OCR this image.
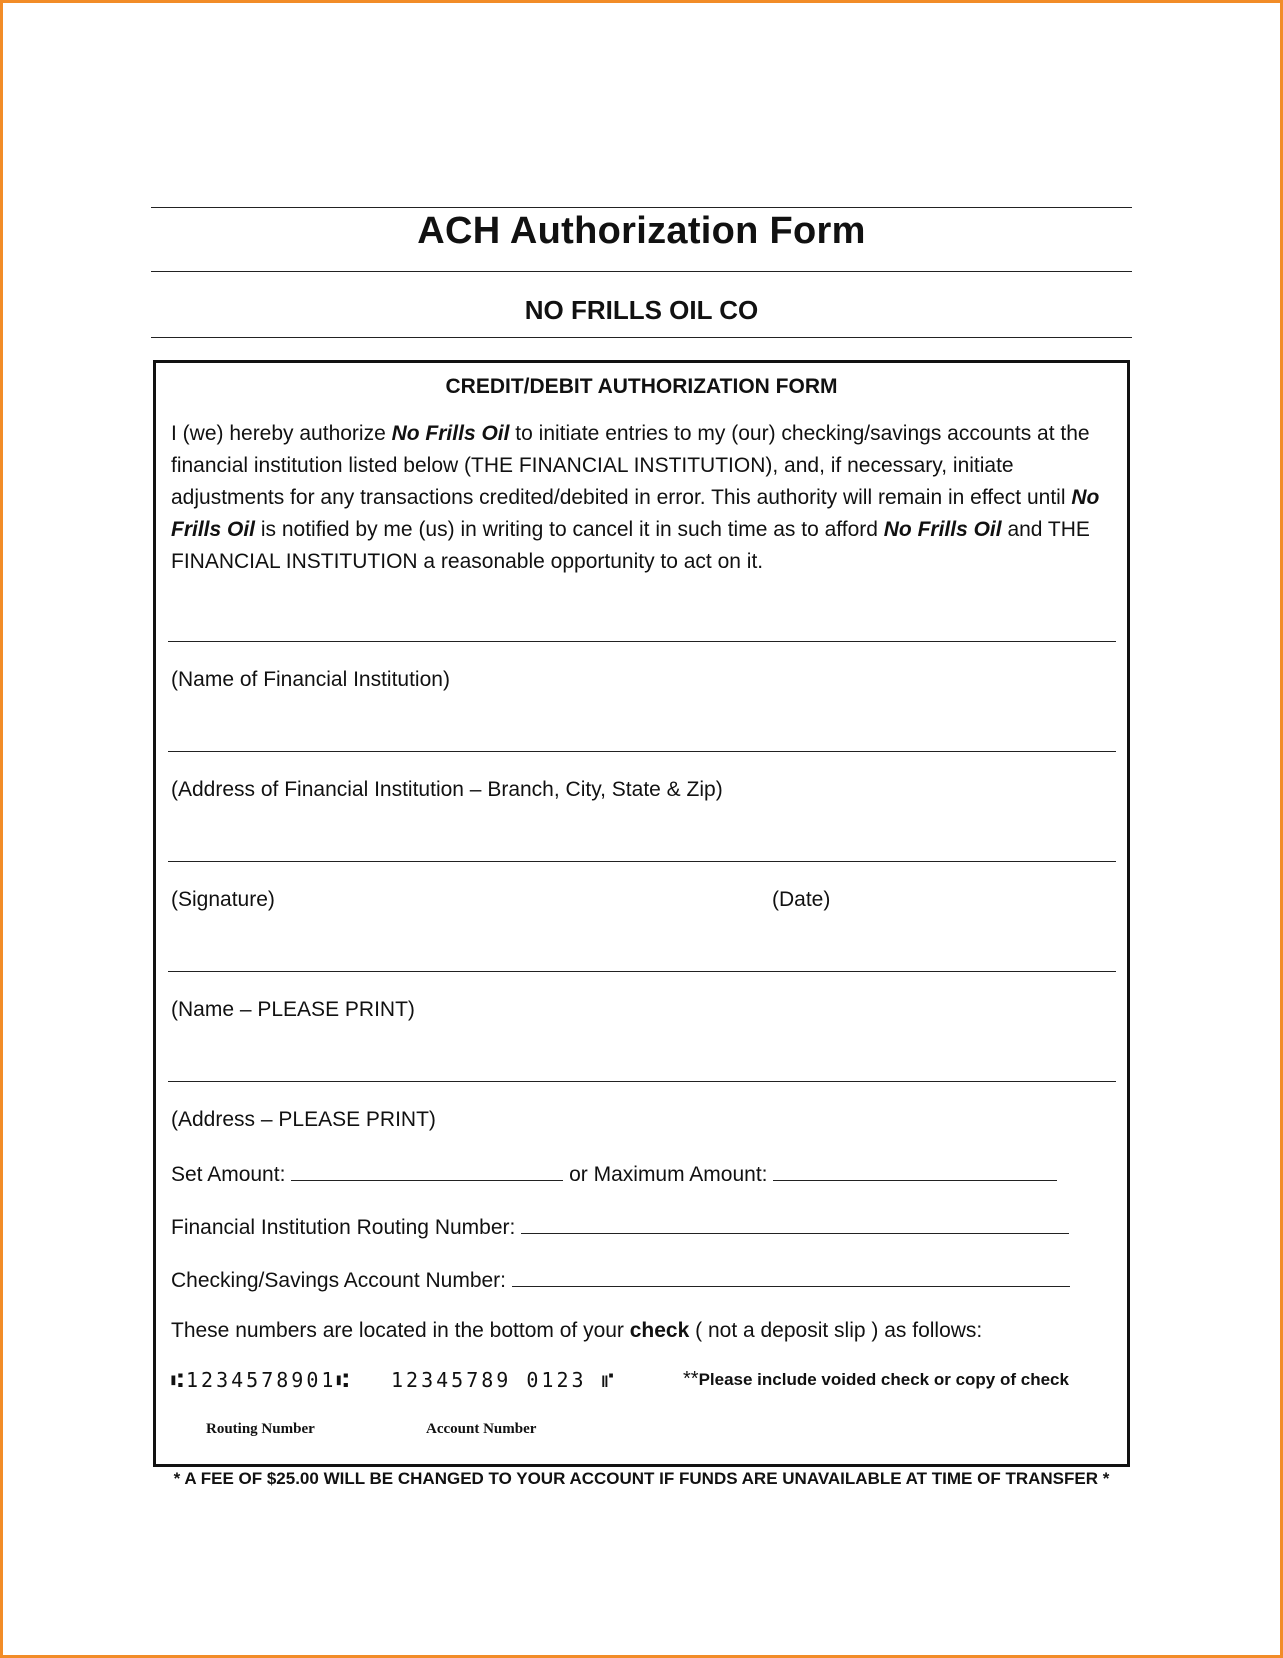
ACH Authorization Form
NO FRILLS OIL CO
CREDIT/DEBIT AUTHORIZATION FORM

I (we) hereby authorize No Frills Oil to initiate entries to my (our) checking/savings accounts at the financial institution listed below (THE FINANCIAL INSTITUTION), and, if necessary, initiate adjustments for any transactions credited/debited in error. This authority will remain in effect until No Frills Oil is notified by me (us) in writing to cancel it in such time as to afford No Frills Oil and THE FINANCIAL INSTITUTION a reasonable opportunity to act on it.

(Name of Financial Institution)
(Address of Financial Institution – Branch, City, State & Zip)
(Signature)	(Date)
(Name – PLEASE PRINT)
(Address – PLEASE PRINT)
Set Amount:	or Maximum Amount:
Financial Institution Routing Number:
Checking/Savings Account Number:
These numbers are located in the bottom of your check ( not a deposit slip ) as follows:
⑆1234578901⑆ 12345789 0123 ⑈	**Please include voided check or copy of check
Routing Number	Account Number
* A FEE OF $25.00 WILL BE CHANGED TO YOUR ACCOUNT IF FUNDS ARE UNAVAILABLE AT TIME OF TRANSFER *
